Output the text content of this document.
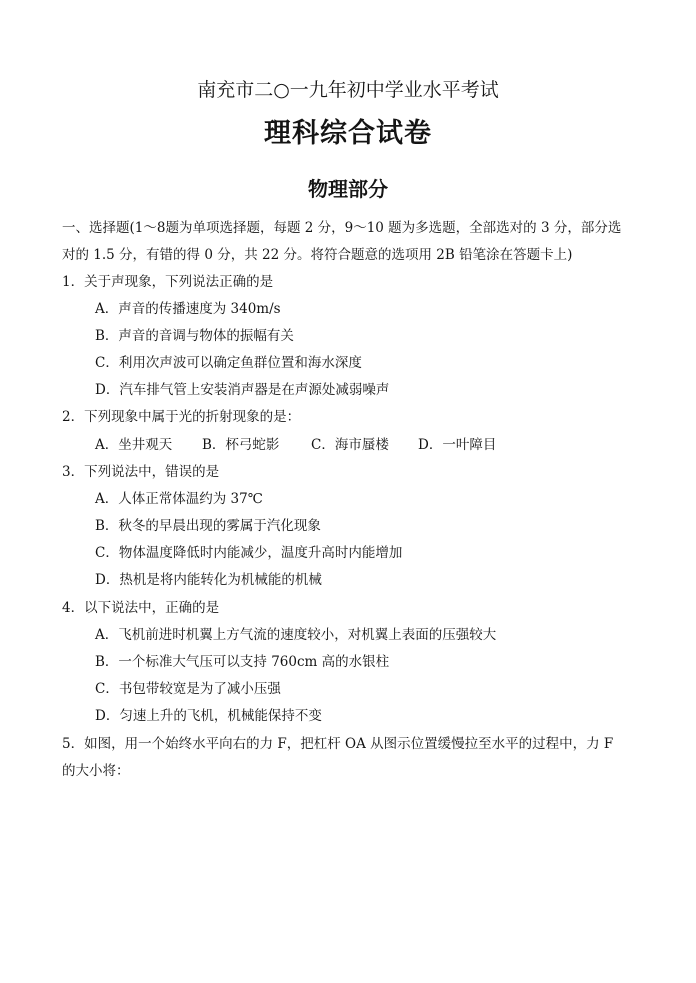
南充市二○一九年初中学业水平考试
理科综合试卷
物理部分
一、选择题(1～8题为单项选择题，每题 2 分，9～10 题为多选题，全部选对的 3 分，部分选
对的 1.5 分，有错的得 0 分，共 22 分。将符合题意的选项用 2B 铅笔涂在答题卡上)
1．关于声现象，下列说法正确的是
A．声音的传播速度为 340m/s
B．声音的音调与物体的振幅有关
C．利用次声波可以确定鱼群位置和海水深度
D．汽车排气管上安装消声器是在声源处减弱噪声
2．下列现象中属于光的折射现象的是：
A．坐井观天 B．杯弓蛇影 C．海市蜃楼 D．一叶障目
3．下列说法中，错误的是
A．人体正常体温约为 37℃
B．秋冬的早晨出现的雾属于汽化现象
C．物体温度降低时内能减少，温度升高时内能增加
D．热机是将内能转化为机械能的机械
4．以下说法中，正确的是
A．飞机前进时机翼上方气流的速度较小，对机翼上表面的压强较大
B．一个标准大气压可以支持 760cm 高的水银柱
C．书包带较宽是为了减小压强
D．匀速上升的飞机，机械能保持不变
5．如图，用一个始终水平向右的力 F，把杠杆 OA 从图示位置缓慢拉至水平的过程中，力 F
的大小将：
